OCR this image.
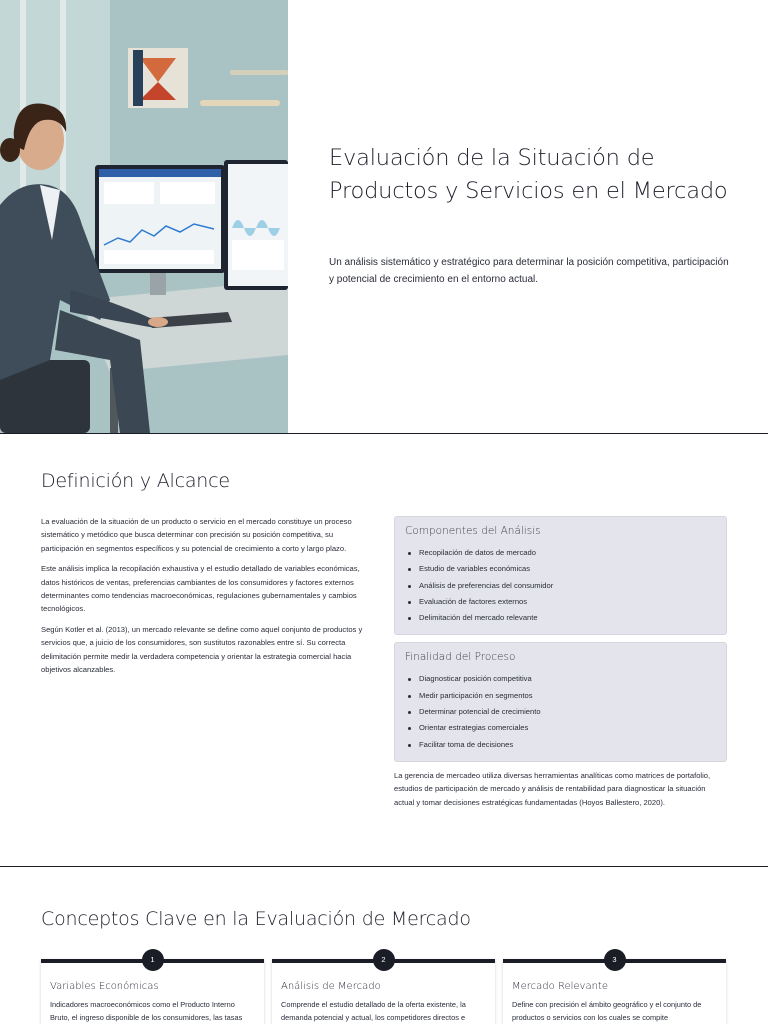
Evaluación de la Situación de Productos y Servicios en el Mercado

Un análisis sistemático y estratégico para determinar la posición competitiva, participación y potencial de crecimiento en el entorno actual.

Definición y Alcance

La evaluación de la situación de un producto o servicio en el mercado constituye un proceso sistemático y metódico que busca determinar con precisión su posición competitiva, su participación en segmentos específicos y su potencial de crecimiento a corto y largo plazo.

Este análisis implica la recopilación exhaustiva y el estudio detallado de variables económicas, datos históricos de ventas, preferencias cambiantes de los consumidores y factores externos determinantes como tendencias macroeconómicas, regulaciones gubernamentales y cambios tecnológicos.

Según Kotler et al. (2013), un mercado relevante se define como aquel conjunto de productos y servicios que, a juicio de los consumidores, son sustitutos razonables entre sí. Su correcta delimitación permite medir la verdadera competencia y orientar la estrategia comercial hacia objetivos alcanzables.

Componentes del Análisis
Recopilación de datos de mercado
Estudio de variables económicas
Análisis de preferencias del consumidor
Evaluación de factores externos
Delimitación del mercado relevante
Finalidad del Proceso
Diagnosticar posición competitiva
Medir participación en segmentos
Determinar potencial de crecimiento
Orientar estrategias comerciales
Facilitar toma de decisiones

La gerencia de mercadeo utiliza diversas herramientas analíticas como matrices de portafolio, estudios de participación de mercado y análisis de rentabilidad para diagnosticar la situación actual y tomar decisiones estratégicas fundamentadas (Hoyos Ballestero, 2020).

Conceptos Clave en la Evaluación de Mercado
1
Variables Económicas

Indicadores macroeconómicos como el Producto Interno Bruto, el ingreso disponible de los consumidores, las tasas

2
Análisis de Mercado

Comprende el estudio detallado de la oferta existente, la demanda potencial y actual, los competidores directos e

3
Mercado Relevante

Define con precisión el ámbito geográfico y el conjunto de productos o servicios con los cuales se compite
